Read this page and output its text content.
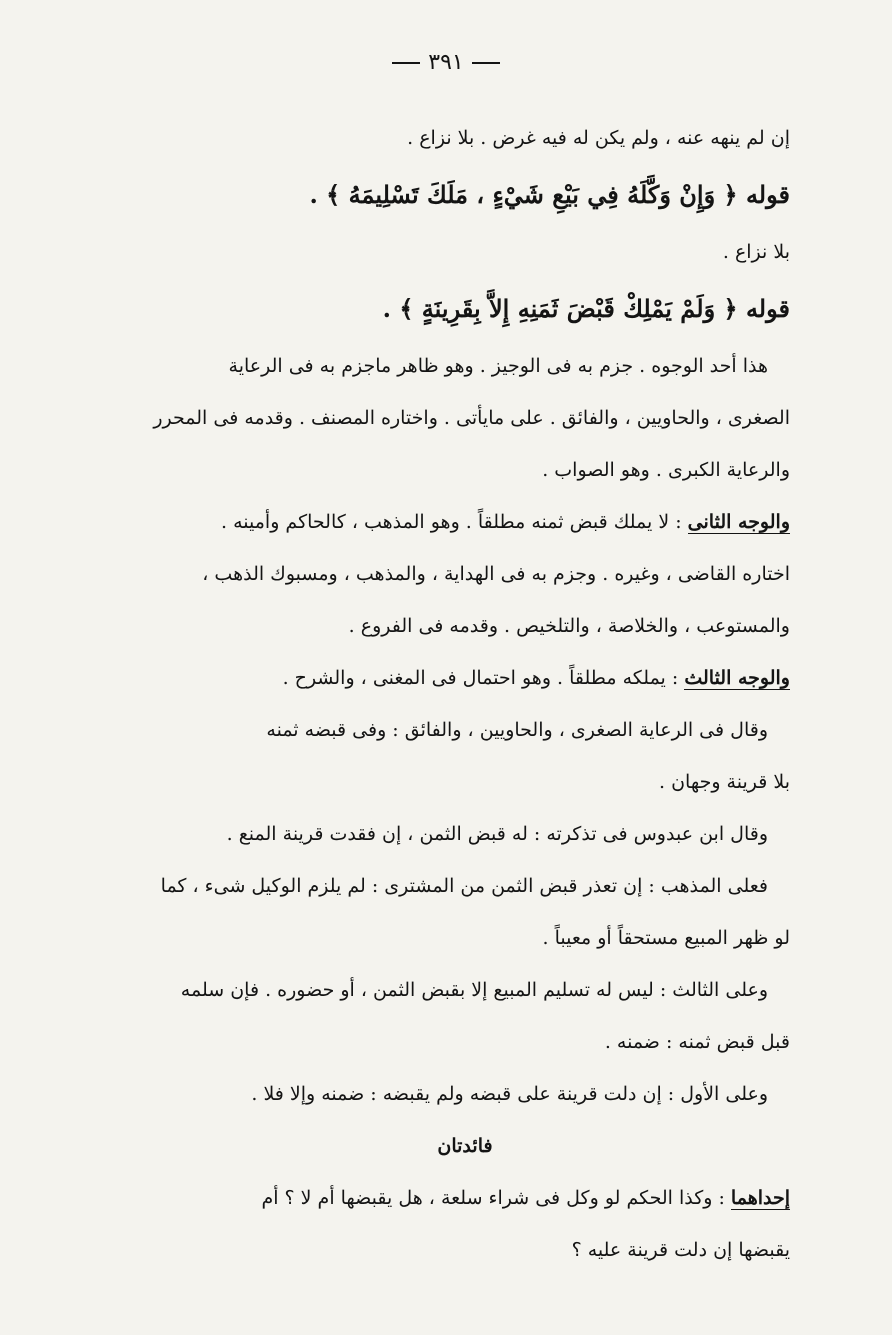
٣٩١
إن لم ينهه عنه ، ولم يكن له فيه غرض . بلا نزاع .
قوله ﴿ وَإِنْ وَكَّلَهُ فِي بَيْعِ شَيْءٍ ، مَلَكَ تَسْلِيمَهُ ﴾ .
بلا نزاع .
قوله ﴿ وَلَمْ يَمْلِكْ قَبْضَ ثَمَنِهِ إِلاَّ بِقَرِينَةٍ ﴾ .
هذا أحد الوجوه . جزم به فى الوجيز . وهو ظاهر ماجزم به فى الرعاية
الصغرى ، والحاويين ، والفائق . على مايأتى . واختاره المصنف . وقدمه فى المحرر
والرعاية الكبرى . وهو الصواب .
والوجه الثانى : لا يملك قبض ثمنه مطلقاً . وهو المذهب ، كالحاكم وأمينه .
اختاره القاضى ، وغيره . وجزم به فى الهداية ، والمذهب ، ومسبوك الذهب ،
والمستوعب ، والخلاصة ، والتلخيص . وقدمه فى الفروع .
والوجه الثالث : يملكه مطلقاً . وهو احتمال فى المغنى ، والشرح .
وقال فى الرعاية الصغرى ، والحاويين ، والفائق : وفى قبضه ثمنه
بلا قرينة وجهان .
وقال ابن عبدوس فى تذكرته : له قبض الثمن ، إن فقدت قرينة المنع .
فعلى المذهب : إن تعذر قبض الثمن من المشترى : لم يلزم الوكيل شىء ، كما
لو ظهر المبيع مستحقاً أو معيباً .
وعلى الثالث : ليس له تسليم المبيع إلا بقبض الثمن ، أو حضوره . فإن سلمه
قبل قبض ثمنه : ضمنه .
وعلى الأول : إن دلت قرينة على قبضه ولم يقبضه : ضمنه وإلا فلا .
فائدتان
إحداهما : وكذا الحكم لو وكل فى شراء سلعة ، هل يقبضها أم لا ؟ أم
يقبضها إن دلت قرينة عليه ؟
